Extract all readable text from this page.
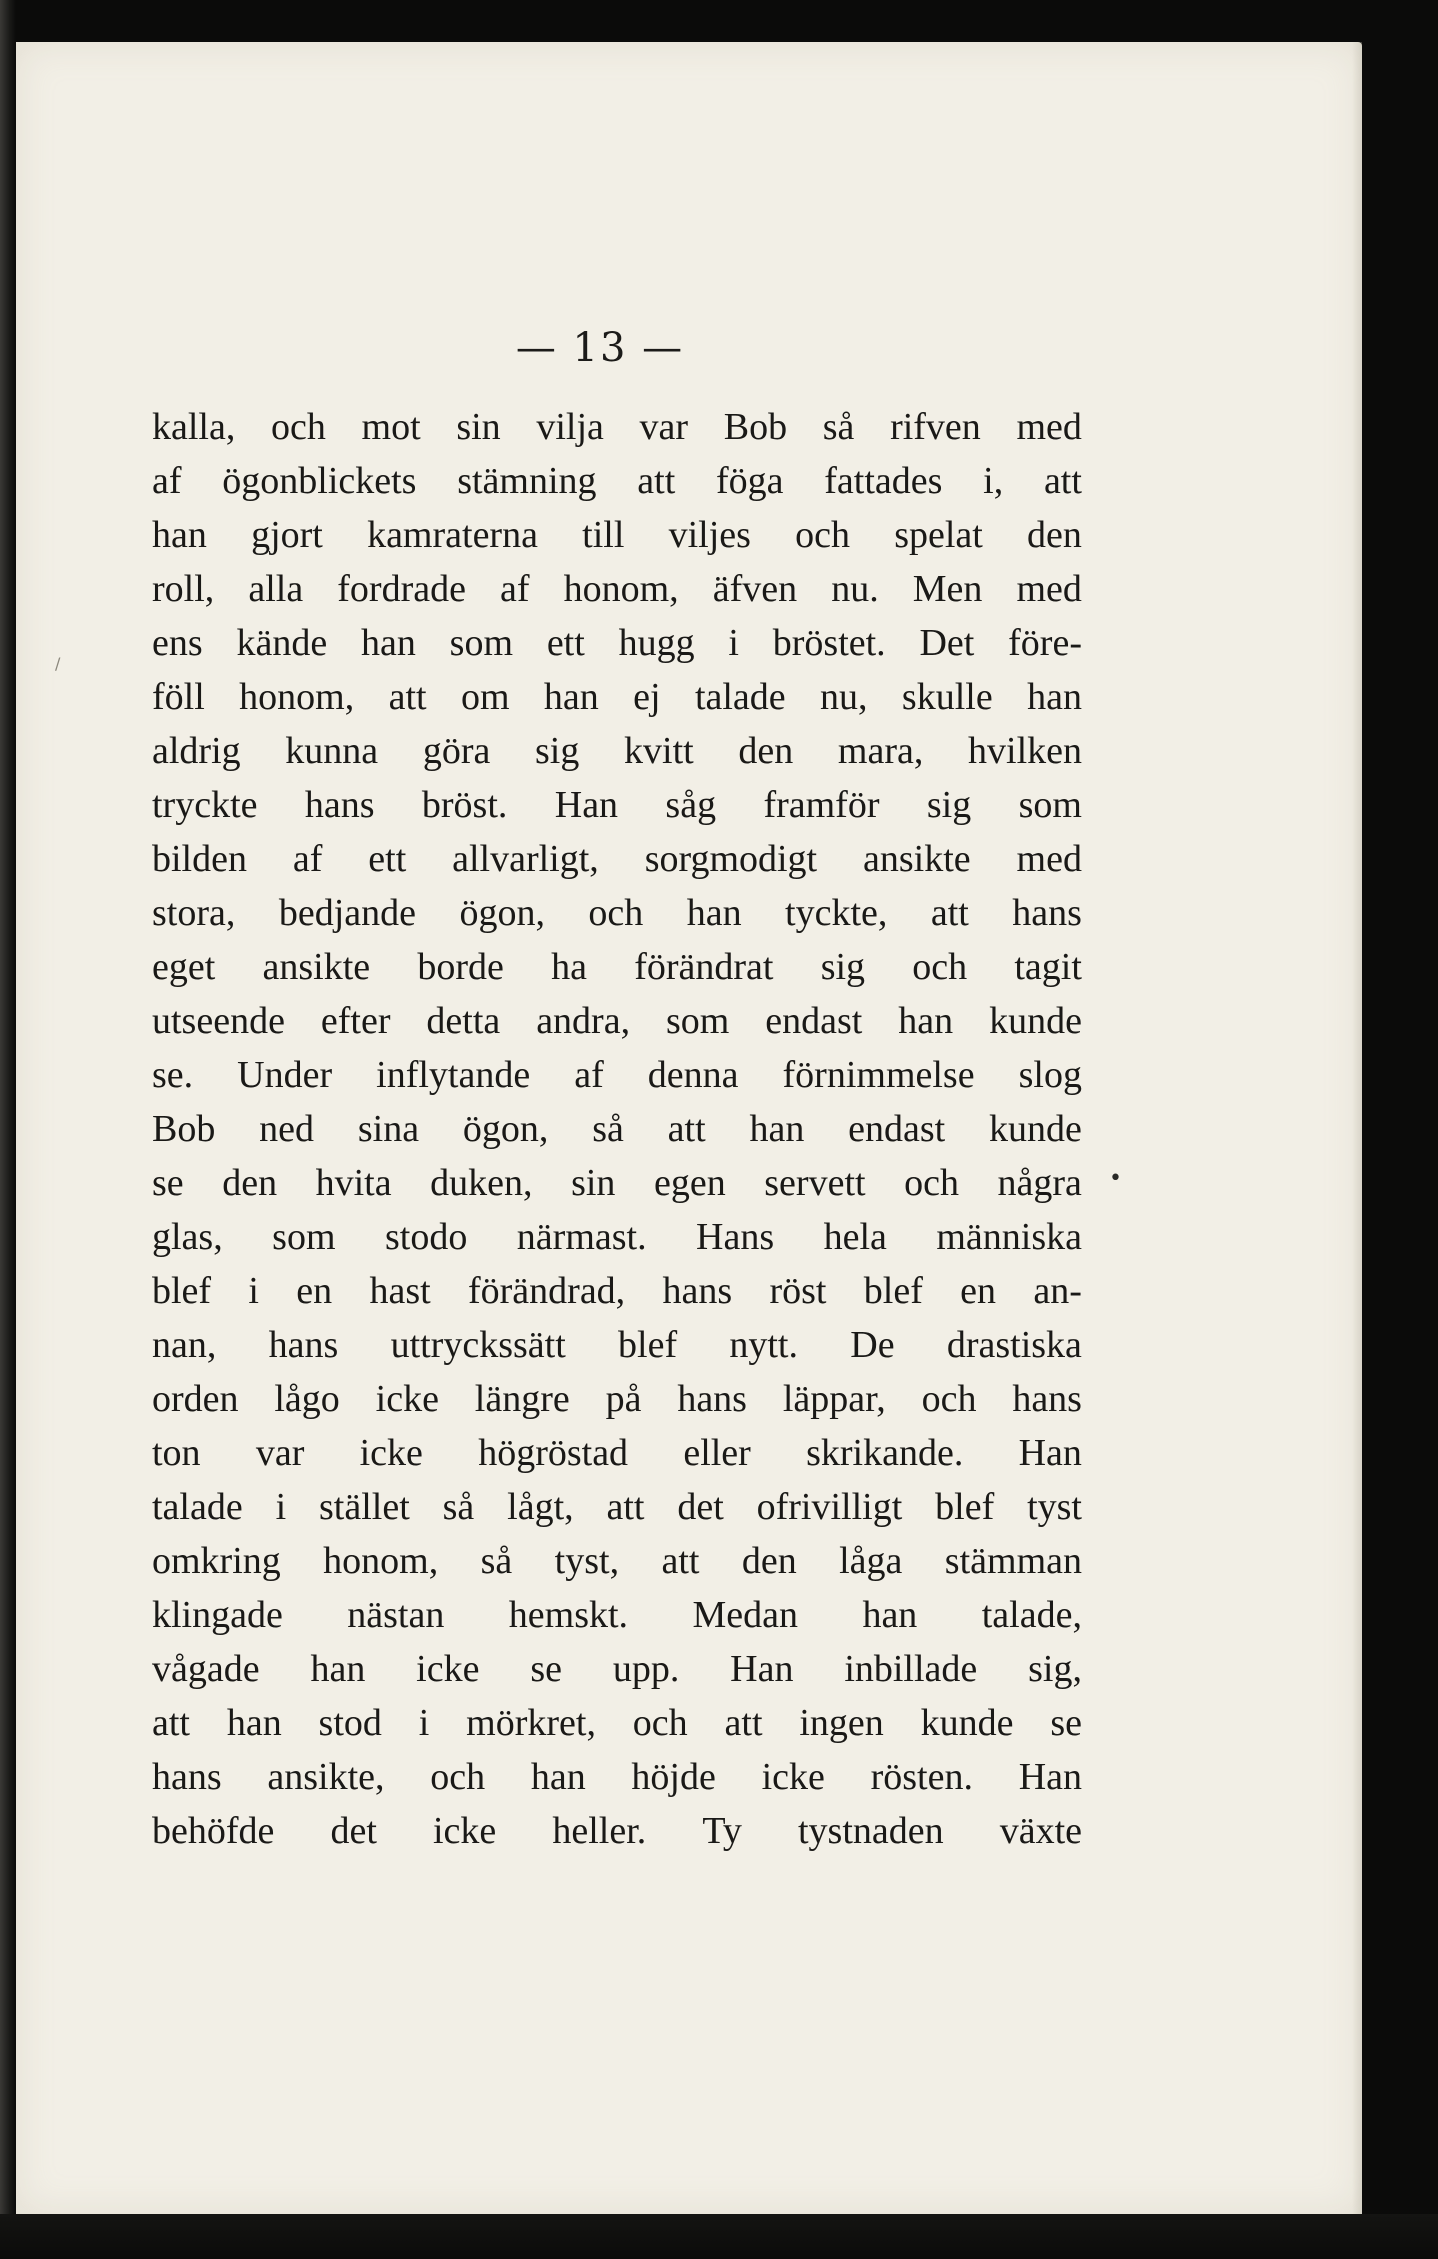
— 13 —
kalla, och mot sin vilja var Bob så rifven med
af ögonblickets stämning att föga fattades i, att
han gjort kamraterna till viljes och spelat den
roll, alla fordrade af honom, äfven nu. Men med
ens kände han som ett hugg i bröstet. Det före-
föll honom, att om han ej talade nu, skulle han
aldrig kunna göra sig kvitt den mara, hvilken
tryckte hans bröst. Han såg framför sig som
bilden af ett allvarligt, sorgmodigt ansikte med
stora, bedjande ögon, och han tyckte, att hans
eget ansikte borde ha förändrat sig och tagit
utseende efter detta andra, som endast han kunde
se. Under inflytande af denna förnimmelse slog
Bob ned sina ögon, så att han endast kunde
se den hvita duken, sin egen servett och några
glas, som stodo närmast. Hans hela människa
blef i en hast förändrad, hans röst blef en an-
nan, hans uttryckssätt blef nytt. De drastiska
orden lågo icke längre på hans läppar, och hans
ton var icke högröstad eller skrikande. Han
talade i stället så lågt, att det ofrivilligt blef tyst
omkring honom, så tyst, att den låga stämman
klingade nästan hemskt. Medan han talade,
vågade han icke se upp. Han inbillade sig,
att han stod i mörkret, och att ingen kunde se
hans ansikte, och han höjde icke rösten. Han
behöfde det icke heller. Ty tystnaden växte
•
/
